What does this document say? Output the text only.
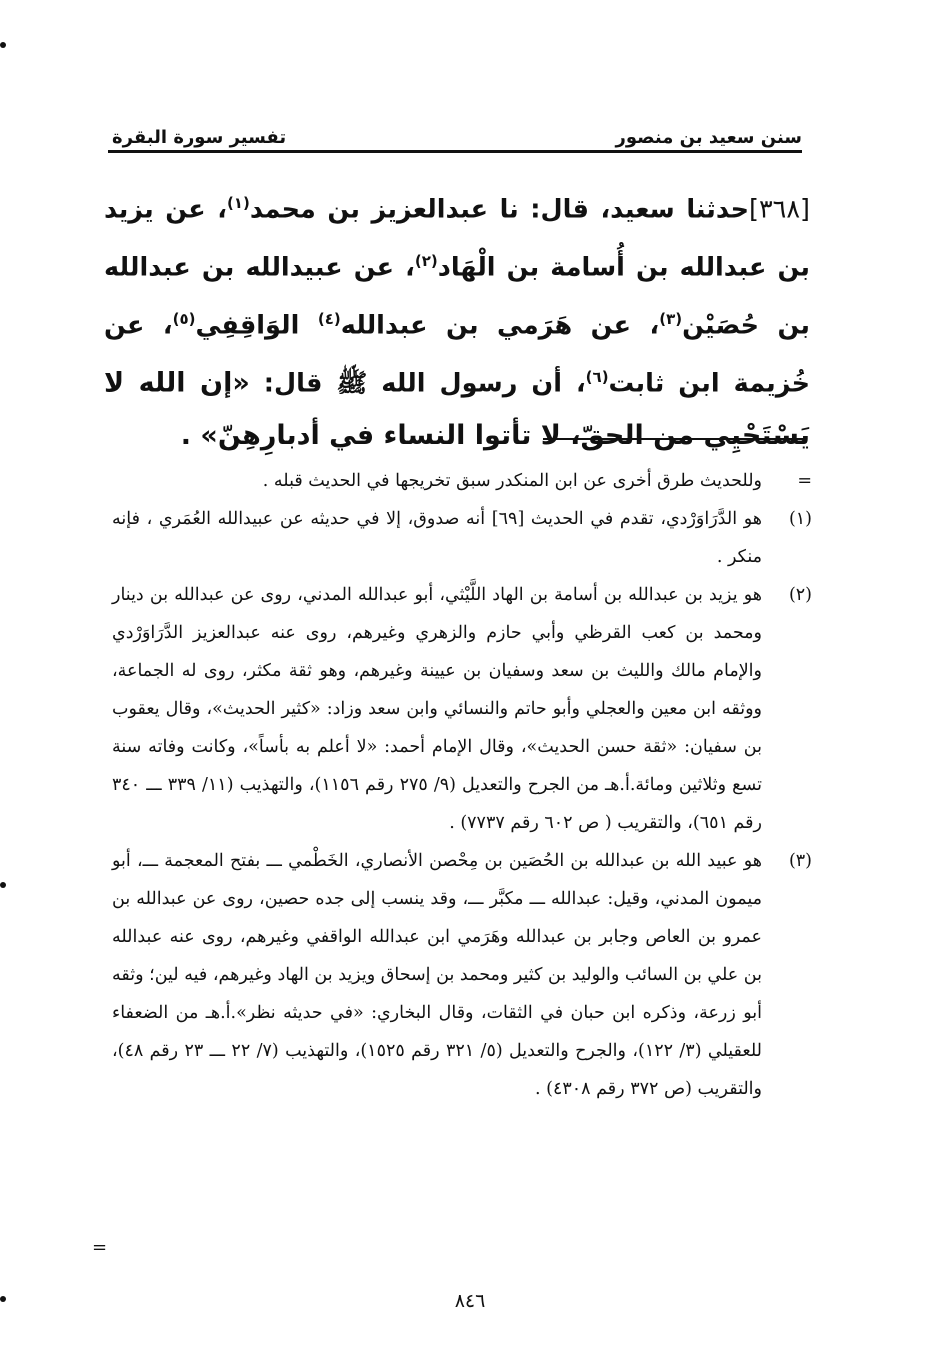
سنن سعيد بن منصور
تفسير سورة البقرة

[٣٦٨]حدثنا سعيد، قال: نا عبدالعزيز بن محمد$^{(١)}$، عن يزيد بن عبدالله بن أُسامة بن الْهَاد$^{(٢)}$، عن عبيدالله بن عبدالله بن حُصَيْن$^{(٣)}$، عن هَرَمي بن عبدالله$^{(٤)}$ الوَاقِفِي$^{(٥)}$، عن خُزيمة ابن ثابت$^{(٦)}$، أن رسول الله ﷺ قال: «إن الله لا يَسْتَحْيِي من الحقّ، لا تأتوا النساء في أدبارِهِنّ» .

=
وللحديث طرق أخرى عن ابن المنكدر سبق تخريجها في الحديث قبله .
(١)
هو الدَّرَاوَرْدي، تقدم في الحديث [٦٩] أنه صدوق، إلا في حديثه عن عبيدالله العُمَري ، فإنه منكر .
(٢)
هو يزيد بن عبدالله بن أسامة بن الهاد اللَّيْثي، أبو عبدالله المدني، روى عن عبدالله بن دينار ومحمد بن كعب القرظي وأبي حازم والزهري وغيرهم، روى عنه عبدالعزيز الدَّرَاوَرْدي والإمام مالك والليث بن سعد وسفيان بن عيينة وغيرهم، وهو ثقة مكثر، روى له الجماعة، ووثقه ابن معين والعجلي وأبو حاتم والنسائي وابن سعد وزاد: «كثير الحديث»، وقال يعقوب بن سفيان: «ثقة حسن الحديث»، وقال الإمام أحمد: «لا أعلم به بأساً»، وكانت وفاته سنة تسع وثلاثين ومائة.أ.هـ من الجرح والتعديل (٩/ ٢٧٥ رقم ١١٥٦)، والتهذيب (١١/ ٣٣٩ ـــ ٣٤٠ رقم ٦٥١)، والتقريب ( ص ٦٠٢ رقم ٧٧٣٧) .
(٣)
هو عبيد الله بن عبدالله بن الحُصَين بن مِحْصن الأنصاري، الخَطْمي ـــ بفتح المعجمة ـــ، أبو ميمون المدني، وقيل: عبدالله ـــ مكبَّر ـــ، وقد ينسب إلى جده حصين، روى عن عبدالله بن عمرو بن العاص وجابر بن عبدالله وهَرَمي ابن عبدالله الواقفي وغيرهم، روى عنه عبدالله بن علي بن السائب والوليد بن كثير ومحمد بن إسحاق ويزيد بن الهاد وغيرهم، فيه لين؛ وثقه أبو زرعة، وذكره ابن حبان في الثقات، وقال البخاري: «في حديثه نظر».أ.هـ من الضعفاء للعقيلي (٣/ ١٢٢)، والجرح والتعديل (٥/ ٣٢١ رقم ١٥٢٥)، والتهذيب (٧/ ٢٢ ـــ ٢٣ رقم ٤٨)، والتقريب (ص ٣٧٢ رقم ٤٣٠٨) .
=
٨٤٦
